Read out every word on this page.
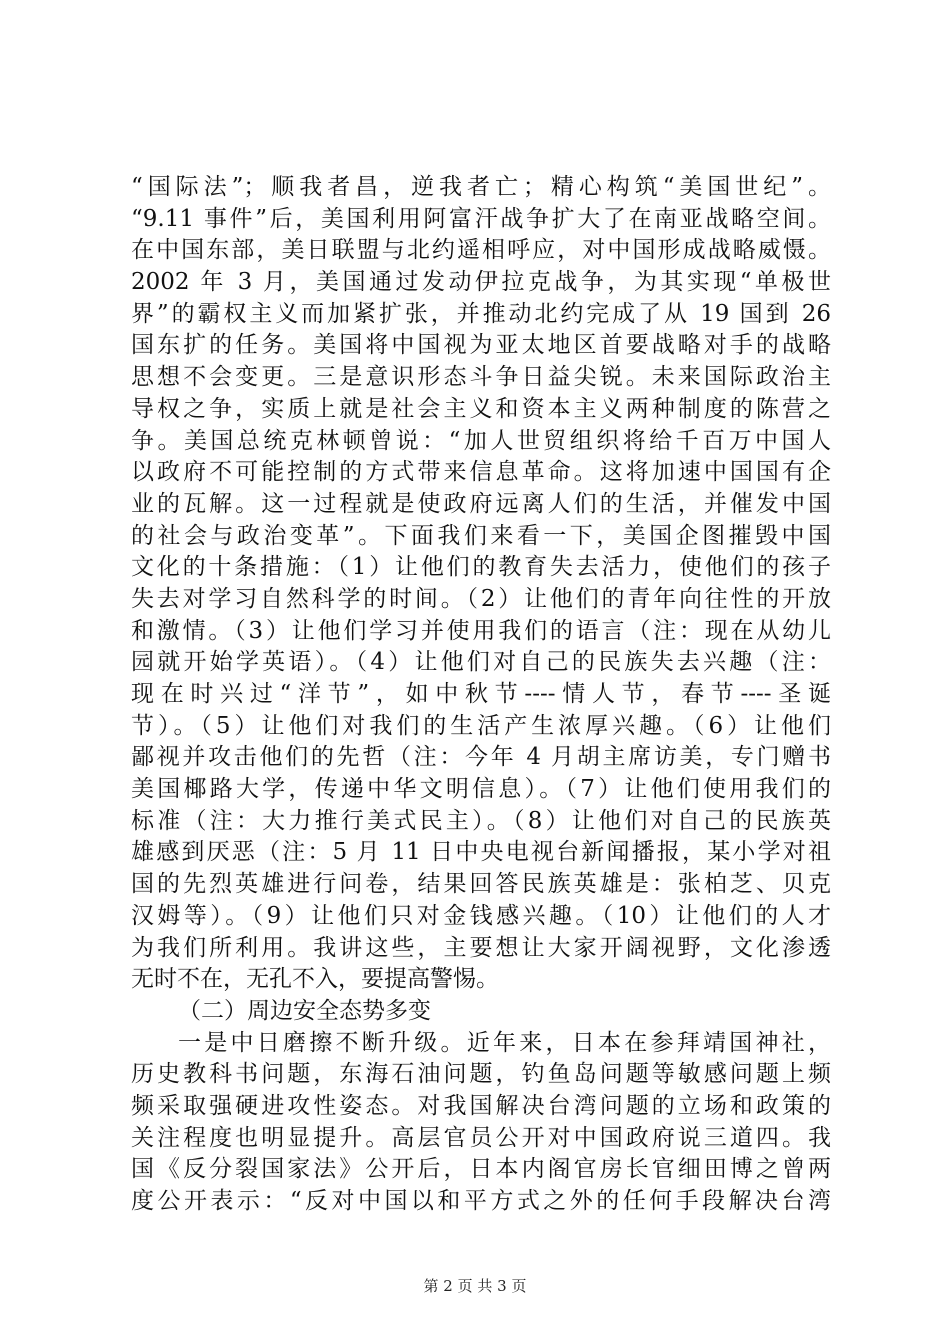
“国际法”；顺我者昌，逆我者亡；精心构筑“美国世纪”。
“9.11 事件”后，美国利用阿富汗战争扩大了在南亚战略空间。
在中国东部，美日联盟与北约遥相呼应，对中国形成战略威慑。
2002 年 3 月，美国通过发动伊拉克战争，为其实现“单极世
界”的霸权主义而加紧扩张，并推动北约完成了从 19 国到 26
国东扩的任务。美国将中国视为亚太地区首要战略对手的战略
思想不会变更。三是意识形态斗争日益尖锐。未来国际政治主
导权之争，实质上就是社会主义和资本主义两种制度的陈营之
争。美国总统克林顿曾说：“加人世贸组织将给千百万中国人
以政府不可能控制的方式带来信息革命。这将加速中国国有企
业的瓦解。这一过程就是使政府远离人们的生活，并催发中国
的社会与政治变革”。下面我们来看一下，美国企图摧毁中国
文化的十条措施：（1）让他们的教育失去活力，使他们的孩子
失去对学习自然科学的时间。（2）让他们的青年向往性的开放
和激情。（3）让他们学习并使用我们的语言（注：现在从幼儿
园就开始学英语）。（4）让他们对自己的民族失去兴趣（注：
现在时兴过“洋节”，如中秋节----情人节，春节----圣诞
节）。（5）让他们对我们的生活产生浓厚兴趣。（6）让他们
鄙视并攻击他们的先哲（注：今年 4 月胡主席访美，专门赠书
美国椰路大学，传递中华文明信息）。（7）让他们使用我们的
标准（注：大力推行美式民主）。（8）让他们对自己的民族英
雄感到厌恶（注：5 月 11 日中央电视台新闻播报，某小学对祖
国的先烈英雄进行问卷，结果回答民族英雄是：张柏芝、贝克
汉姆等）。（9）让他们只对金钱感兴趣。（10）让他们的人才
为我们所利用。我讲这些，主要想让大家开阔视野，文化渗透
无时不在，无孔不入，要提高警惕。
（二）周边安全态势多变
一是中日磨擦不断升级。近年来，日本在参拜靖国神社，
历史教科书问题，东海石油问题，钓鱼岛问题等敏感问题上频
频采取强硬进攻性姿态。对我国解决台湾问题的立场和政策的
关注程度也明显提升。高层官员公开对中国政府说三道四。我
国《反分裂国家法》公开后，日本内阁官房长官细田博之曾两
度公开表示：“反对中国以和平方式之外的任何手段解决台湾
第 2 页 共 3 页
